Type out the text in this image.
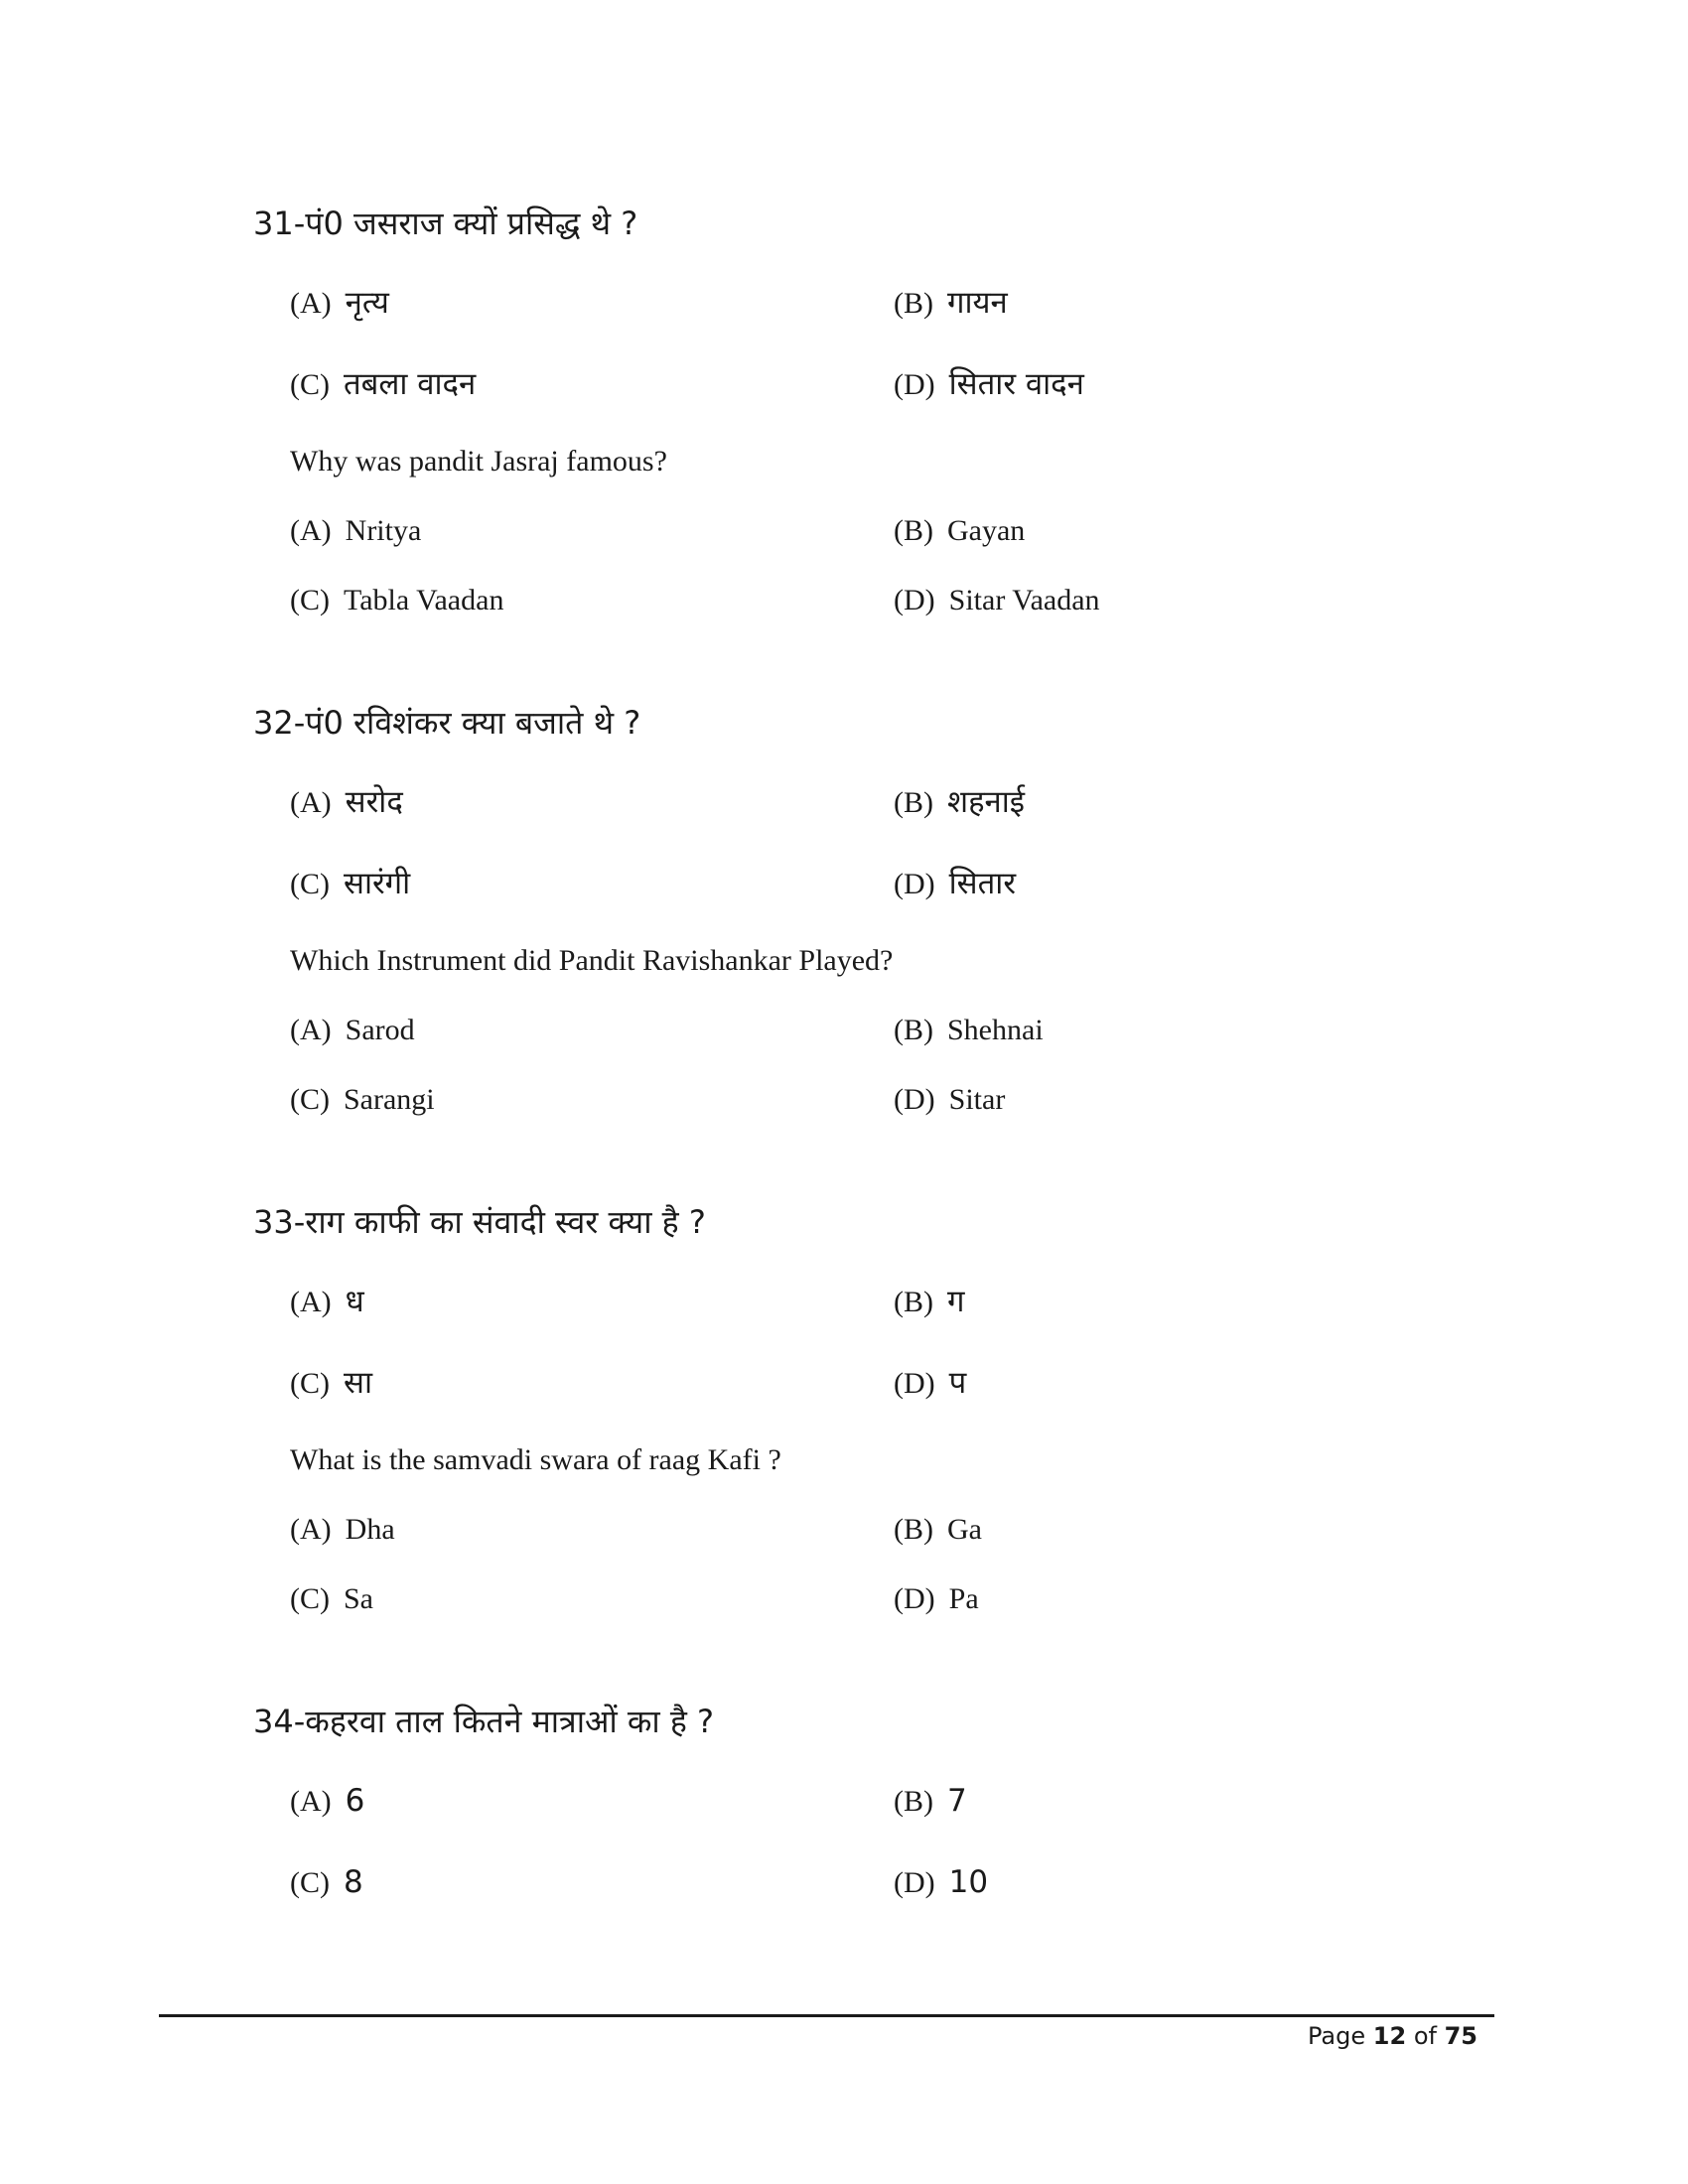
31-पं0 जसराज क्यों प्रसिद्ध थे ?
(A) नृत्य	(B) गायन
(C) तबला वादन	(D) सितार वादन
Why was pandit Jasraj famous?
(A) Nritya	(B) Gayan
(C) Tabla Vaadan	(D) Sitar Vaadan
32-पं0 रविशंकर क्या बजाते थे ?
(A) सरोद	(B) शहनाई
(C) सारंगी	(D) सितार
Which Instrument did Pandit Ravishankar Played?
(A) Sarod	(B) Shehnai
(C) Sarangi	(D) Sitar
33-राग काफी का संवादी स्वर क्या है ?
(A) ध	(B) ग
(C) सा	(D) प
What is the samvadi swara of raag Kafi ?
(A) Dha	(B) Ga
(C) Sa	(D) Pa
34-कहरवा ताल कितने मात्राओं का है ?
(A) 6	(B) 7
(C) 8	(D) 10
Page 12 of 75
